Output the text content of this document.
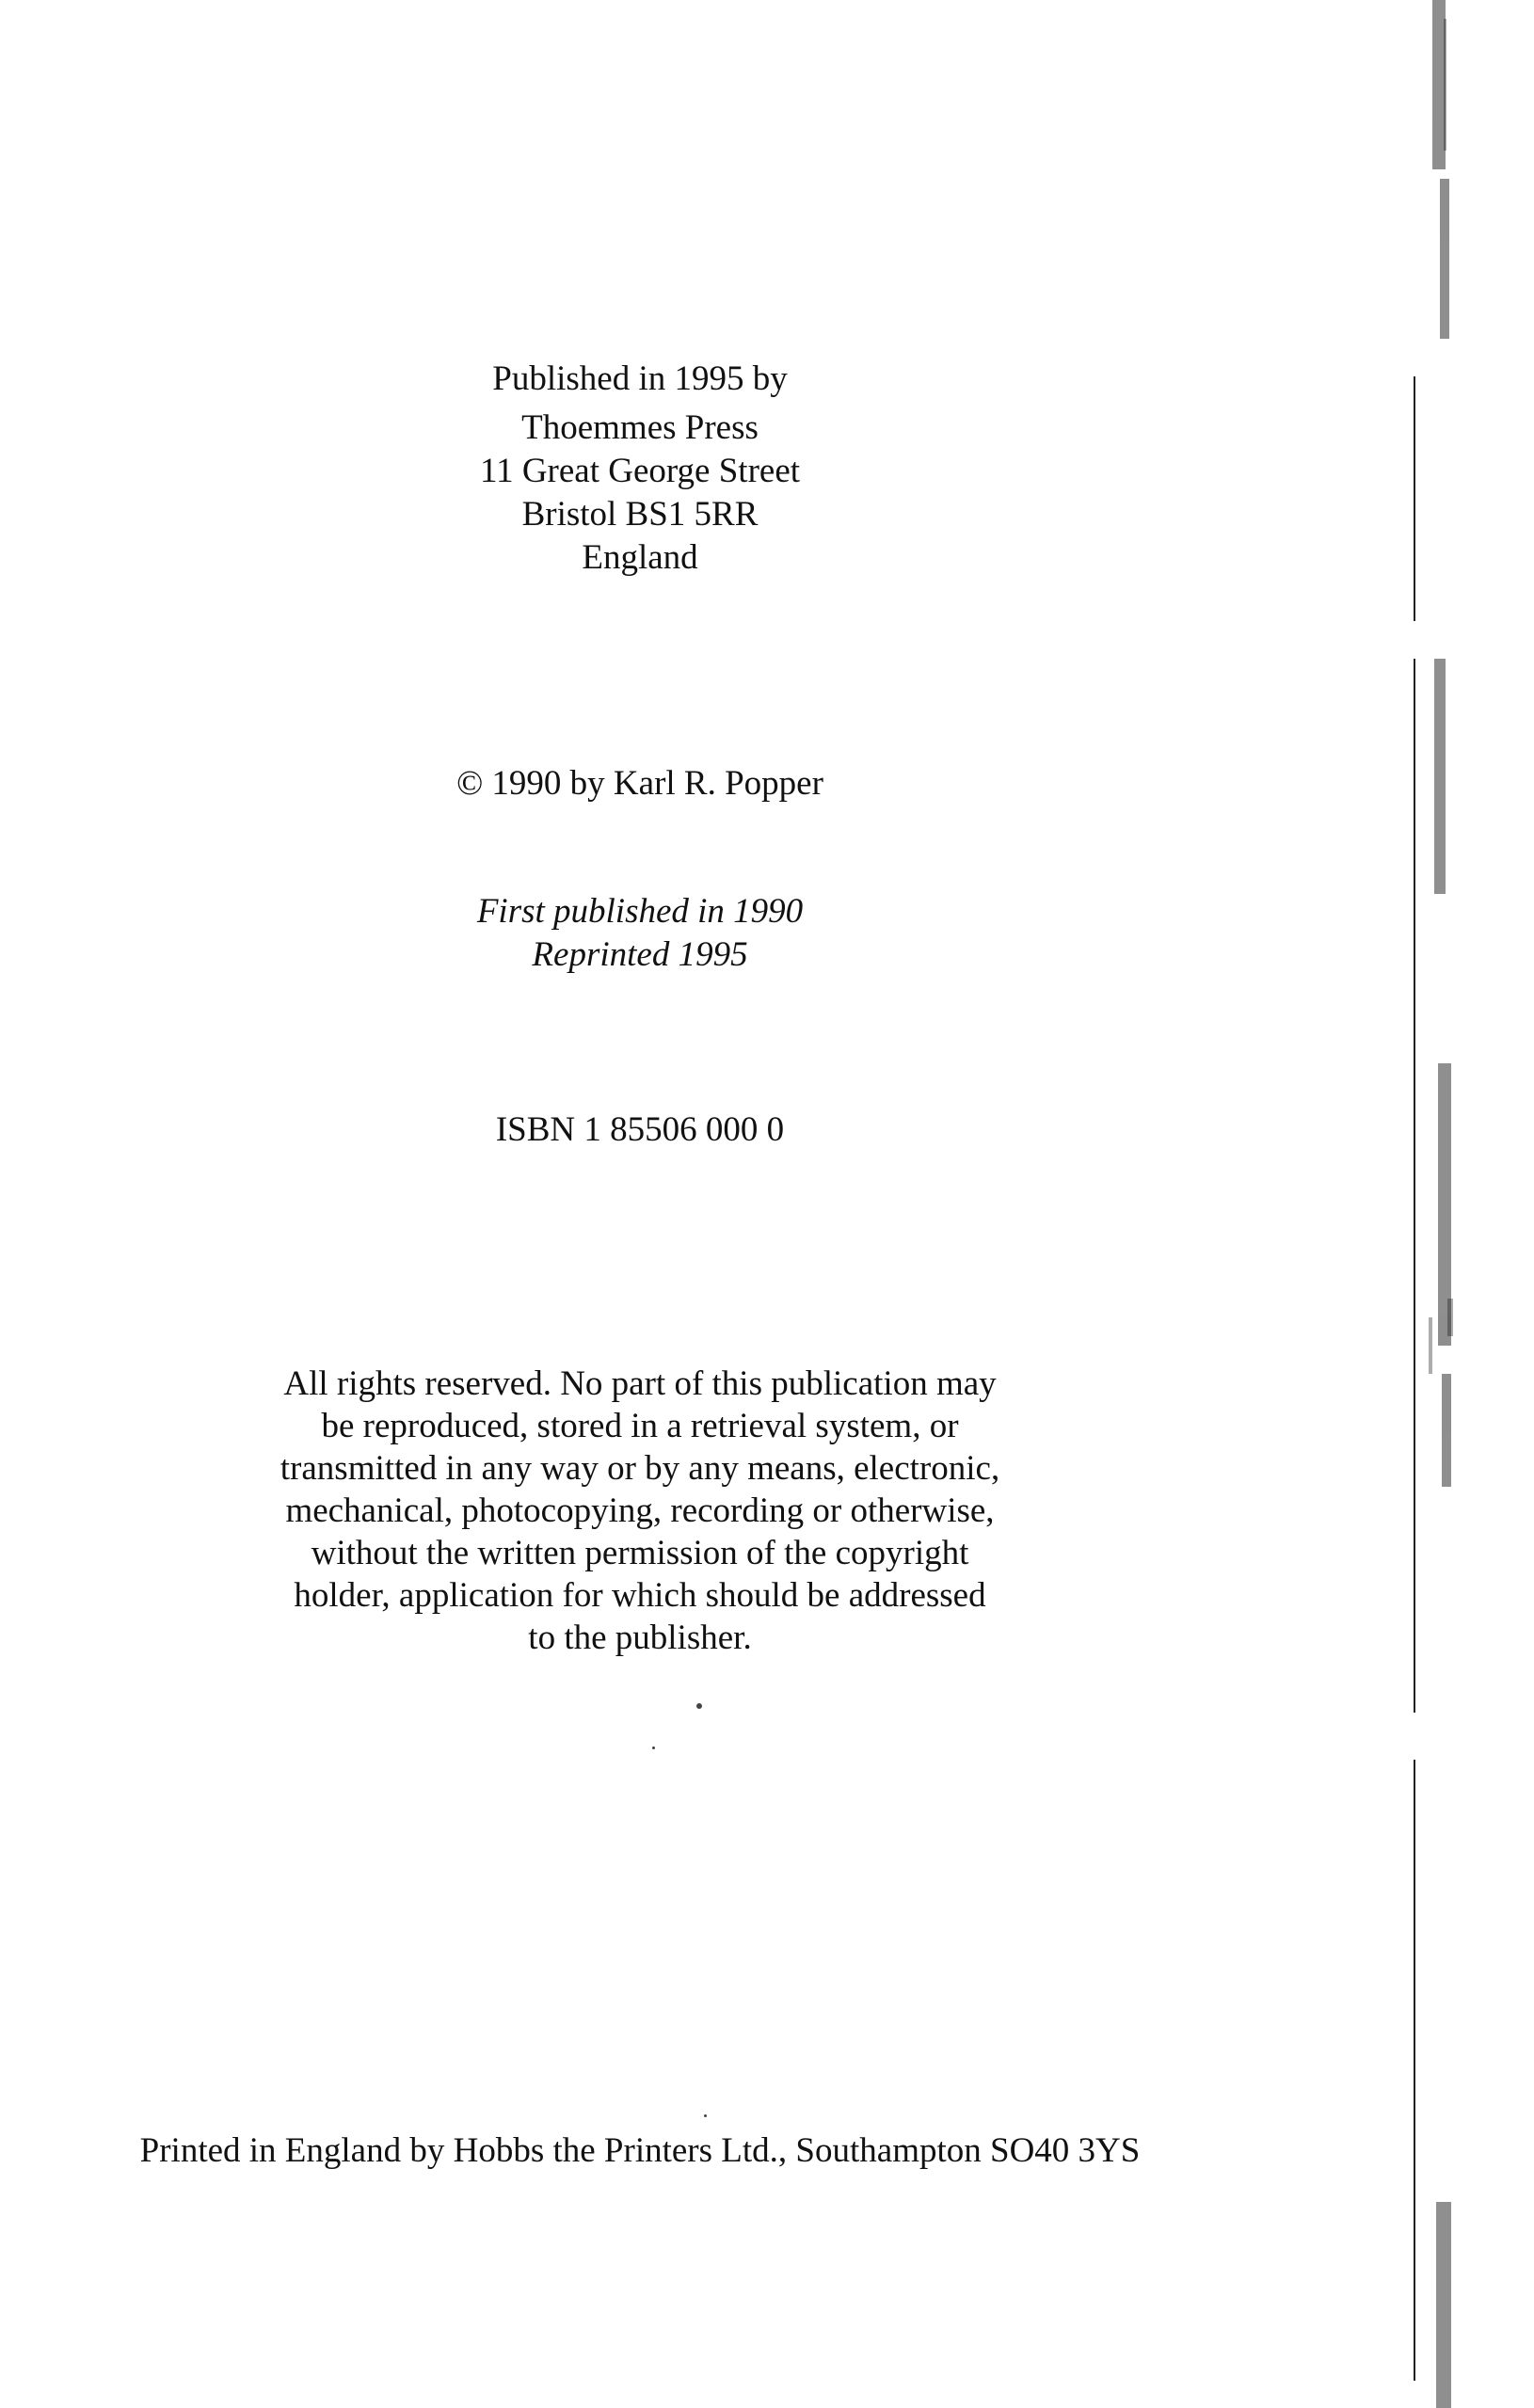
Published in 1995 by
Thoemmes Press
11 Great George Street
Bristol BS1 5RR
England
© 1990 by Karl R. Popper
First published in 1990
Reprinted 1995
ISBN 1 85506 000 0
All rights reserved. No part of this publication may
be reproduced, stored in a retrieval system, or
transmitted in any way or by any means, electronic,
mechanical, photocopying, recording or otherwise,
without the written permission of the copyright
holder, application for which should be addressed
to the publisher.
Printed in England by Hobbs the Printers Ltd., Southampton SO40 3YS
